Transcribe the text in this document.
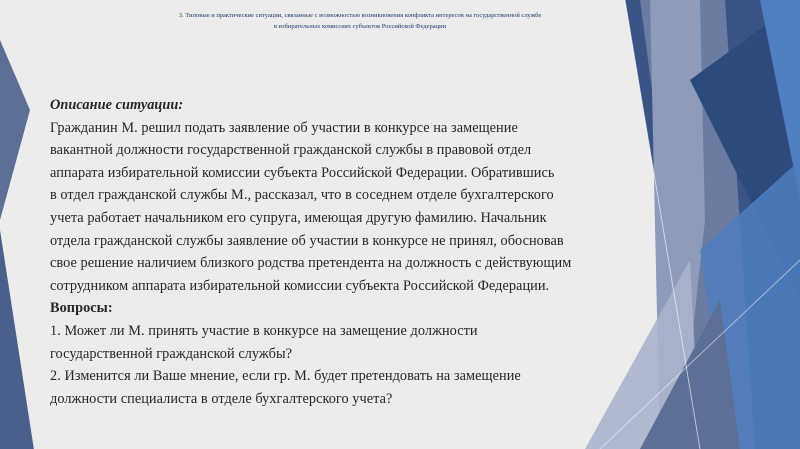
3. Типовые и практические ситуации, связанные с возможностью возникновения конфликта интересов на государственной службе
в избирательных комиссиях субъектов Российской Федерации
Описание ситуации:
Гражданин М. решил подать заявление об участии в конкурсе на замещение
вакантной должности государственной гражданской службы в правовой отдел
аппарата избирательной комиссии субъекта Российской Федерации. Обратившись
в отдел гражданской службы М., рассказал, что в соседнем отделе бухгалтерского
учета работает начальником его супруга, имеющая другую фамилию. Начальник
отдела гражданской службы заявление об участии в конкурсе не принял, обосновав
свое решение наличием близкого родства претендента на должность с действующим
сотрудником аппарата избирательной комиссии субъекта Российской Федерации.
Вопросы:
1. Может ли М. принять участие в конкурсе на замещение должности
государственной гражданской службы?
2. Изменится ли Ваше мнение, если гр. М. будет претендовать на замещение
должности специалиста в отделе бухгалтерского учета?
